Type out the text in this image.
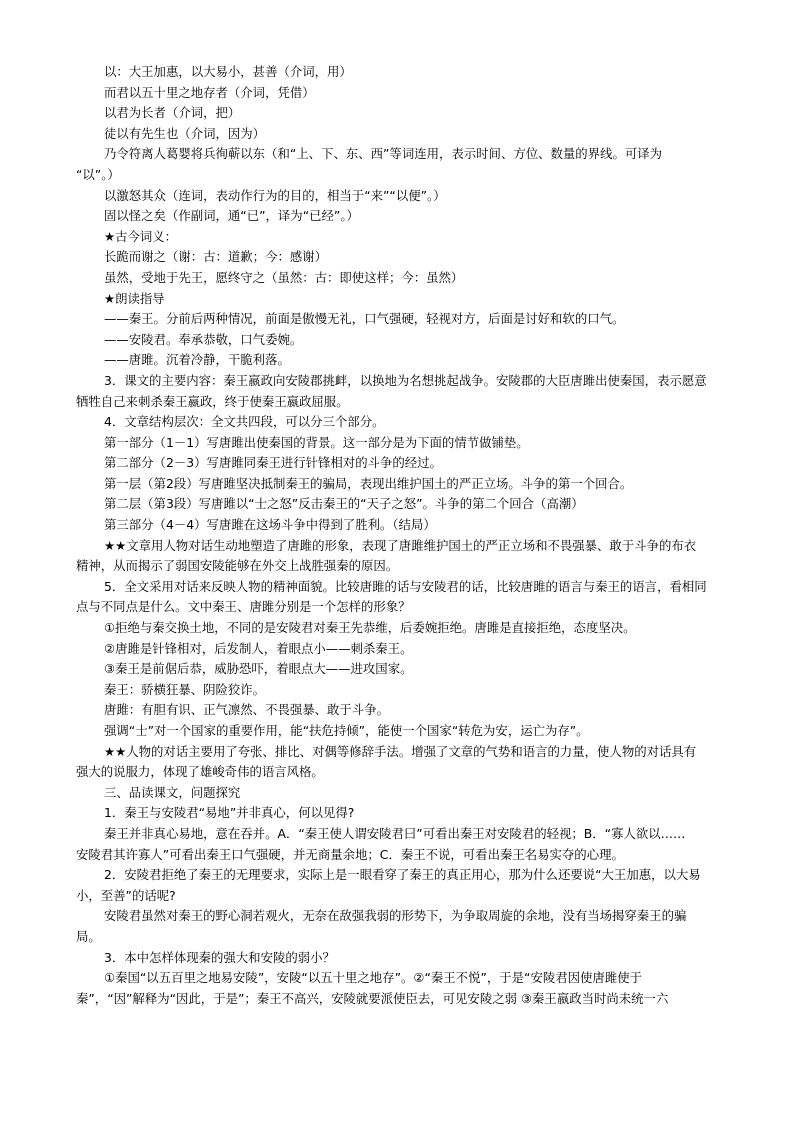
以：大王加惠，以大易小，甚善（介词，用）
而君以五十里之地存者（介词，凭借）
以君为长者（介词，把）
徒以有先生也（介词，因为）
乃令符离人葛婴将兵徇蕲以东（和“上、下、东、西”等词连用，表示时间、方位、数量的界线。可译为
“以”。）
以激怒其众（连词，表动作行为的目的，相当于“来”“以便”。）
固以怪之矣（作副词，通“已”，译为“已经”。）
★古今词义：
长跪而谢之（谢：古：道歉；今：感谢）
虽然，受地于先王，愿终守之（虽然：古：即使这样；今：虽然）
★朗读指导
——秦王。分前后两种情况，前面是傲慢无礼，口气强硬，轻视对方，后面是讨好和软的口气。
——安陵君。奉承恭敬，口气委婉。
——唐雎。沉着冷静，干脆利落。
3．课文的主要内容：秦王嬴政向安陵郡挑衅，以换地为名想挑起战争。安陵郡的大臣唐雎出使秦国，表示愿意
牺牲自己来刺杀秦王嬴政，终于使秦王嬴政屈服。
4．文章结构层次：全文共四段，可以分三个部分。
第一部分（1－1）写唐雎出使秦国的背景。这一部分是为下面的情节做铺垫。
第二部分（2－3）写唐雎同秦王进行针锋相对的斗争的经过。
第一层（第2段）写唐雎坚决抵制秦王的骗局，表现出维护国土的严正立场。斗争的第一个回合。
第二层（第3段）写唐雎以“士之怒”反击秦王的“天子之怒”。斗争的第二个回合（高潮）
第三部分（4－4）写唐雎在这场斗争中得到了胜利。（结局）
★★文章用人物对话生动地塑造了唐雎的形象，表现了唐雎维护国土的严正立场和不畏强暴、敢于斗争的布衣
精神，从而揭示了弱国安陵能够在外交上战胜强秦的原因。
5．全文采用对话来反映人物的精神面貌。比较唐雎的话与安陵君的话，比较唐雎的语言与秦王的语言，看相同
点与不同点是什么。文中秦王、唐雎分别是一个怎样的形象？
①拒绝与秦交换土地，不同的是安陵君对秦王先恭维，后委婉拒绝。唐雎是直接拒绝，态度坚决。
②唐雎是针锋相对，后发制人，着眼点小——刺杀秦王。
③秦王是前倨后恭，威胁恐吓，着眼点大——进攻国家。
秦王：骄横狂暴、阴险狡诈。
唐雎：有胆有识、正气凛然、不畏强暴、敢于斗争。
强调“士”对一个国家的重要作用，能“扶危持倾”，能使一个国家“转危为安，运亡为存”。
★★人物的对话主要用了夸张、排比、对偶等修辞手法。增强了文章的气势和语言的力量，使人物的对话具有
强大的说服力，体现了雄峻奇伟的语言风格。
三、品读课文，问题探究
1．秦王与安陵君“易地”并非真心，何以见得?
秦王并非真心易地，意在吞并。A．“秦王使人谓安陵君曰”可看出秦王对安陵君的轻视；B．“寡人欲以……
安陵君其许寡人”可看出秦王口气强硬，并无商量余地；C．秦王不说，可看出秦王名易实夺的心理。
2．安陵君拒绝了秦王的无理要求，实际上是一眼看穿了秦王的真正用心，那为什么还要说“大王加惠，以大易
小，至善”的话呢?
安陵君虽然对秦王的野心洞若观火，无奈在敌强我弱的形势下，为争取周旋的余地，没有当场揭穿秦王的骗
局。
3．本中怎样体现秦的强大和安陵的弱小？
①秦国“以五百里之地易安陵”，安陵“以五十里之地存”。②“秦王不悦”，于是“安陵君因使唐雎使于
秦”，“因”解释为“因此，于是”；秦王不高兴，安陵就要派使臣去，可见安陵之弱 ③秦王嬴政当时尚未统一六
